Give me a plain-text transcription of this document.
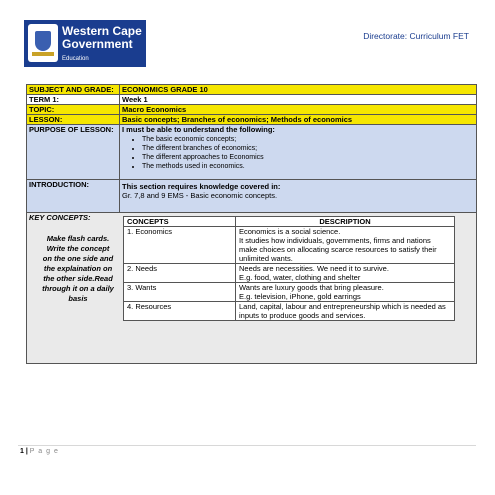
Western Cape Government
Education
Directorate: Curriculum FET
SUBJECT AND GRADE:	ECONOMICS GRADE 10
TERM 1:	Week 1
TOPIC:	Macro Economics
LESSON:	Basic concepts; Branches of economics; Methods of economics
PURPOSE OF LESSON:	I must be able to understand the following:
• The basic economic concepts;
• The different branches of economics;
• The different approaches to Economics
• The methods used in economics.

INTRODUCTION:	This section requires knowledge covered in:
Gr. 7,8 and 9 EMS - Basic economic concepts.

KEY CONCEPTS:
Make flash cards. Write the concept on the one side and the explaination on the other side.Read through it on a daily basis
CONCEPTS	DESCRIPTION
1. Economics	Economics is a social science.
It studies how individuals, governments, firms and nations make choices on allocating scarce resources to satisfy their unlimited wants.
2. Needs	Needs are necessities. We need it to survive.
E.g. food, water, clothing and shelter
3. Wants	Wants are luxury goods that bring pleasure.
E.g. television, iPhone, gold earrings
4. Resources	Land, capital, labour and entrepreneurship which is needed as inputs to produce goods and services.
1 | P a g e
